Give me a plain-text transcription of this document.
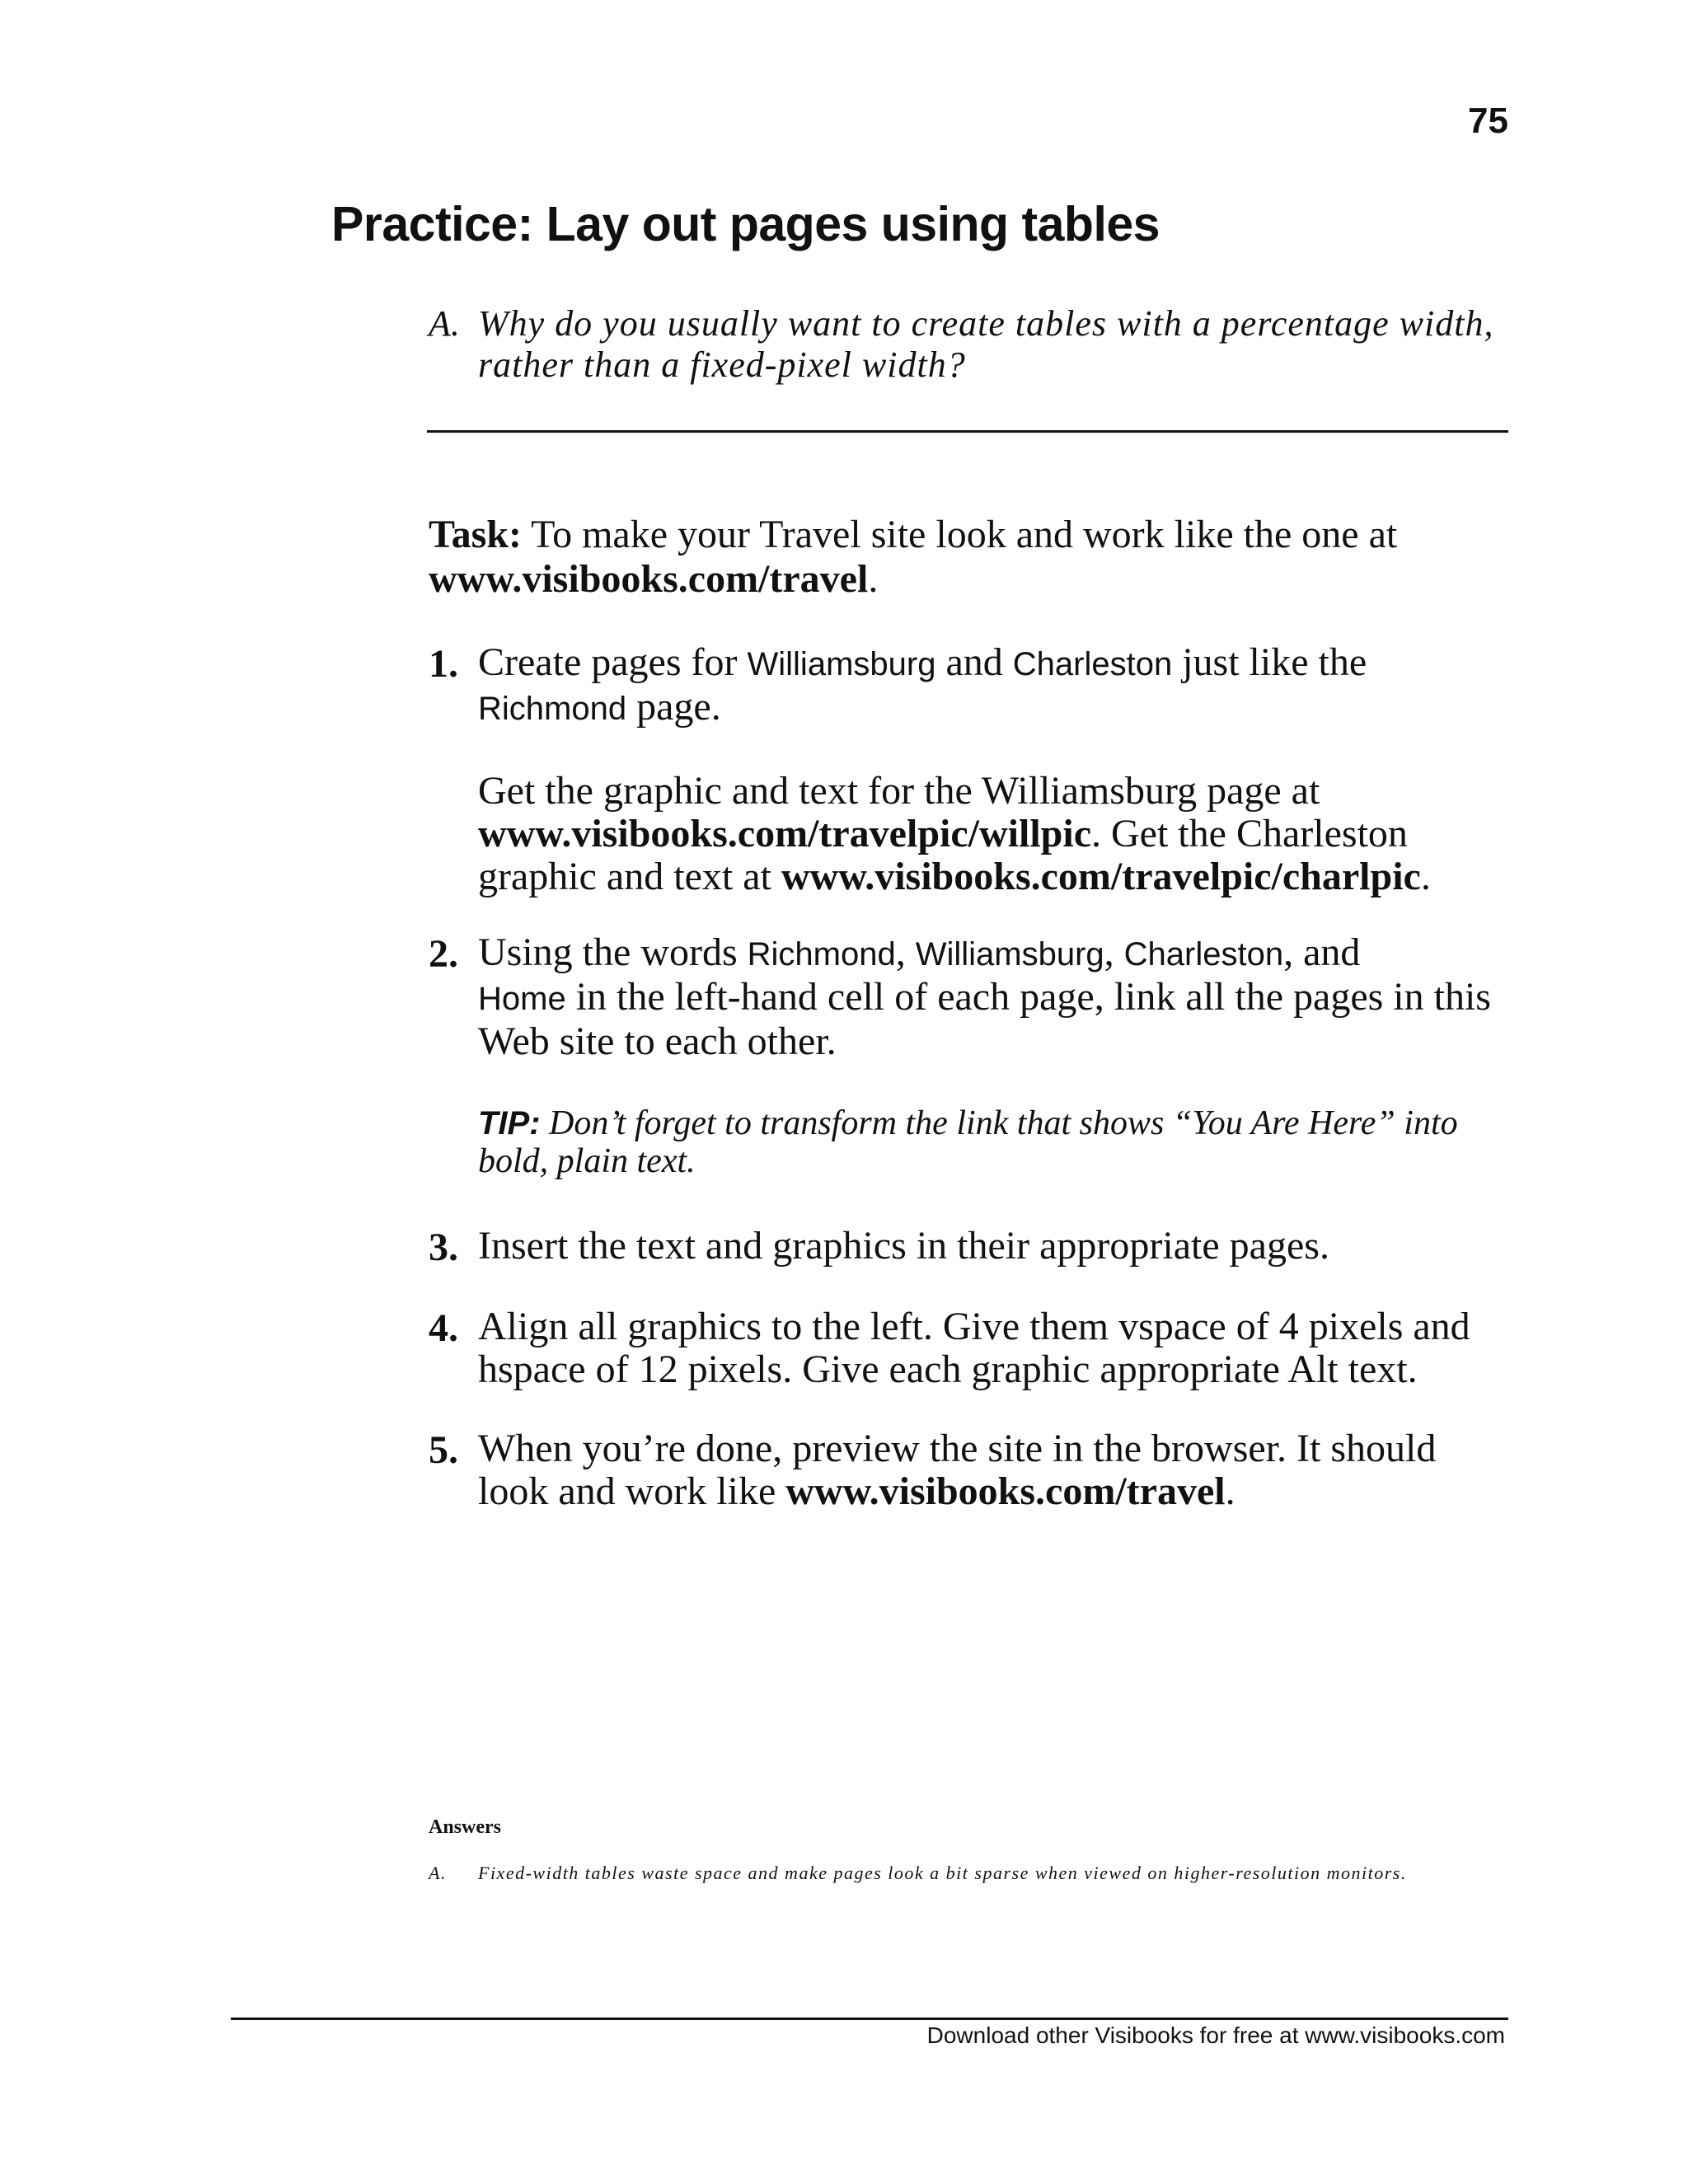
75
Practice: Lay out pages using tables
A. Why do you usually want to create tables with a percentage width, rather than a fixed-pixel width?
Task: To make your Travel site look and work like the one at
www.visibooks.com/travel.
1. Create pages for Williamsburg and Charleston just like the
Richmond page.

Get the graphic and text for the Williamsburg page at
www.visibooks.com/travelpic/willpic. Get the Charleston graphic and text at www.visibooks.com/travelpic/charlpic.

2. Using the words Richmond, Williamsburg, Charleston, and
Home in the left-hand cell of each page, link all the pages in this Web site to each other.

TIP: Don’t forget to transform the link that shows “You Are Here” into bold, plain text.
3. Insert the text and graphics in their appropriate pages.

4. Align all graphics to the left. Give them vspace of 4 pixels and hspace of 12 pixels. Give each graphic appropriate Alt text.

5. When you’re done, preview the site in the browser. It should look and work like www.visibooks.com/travel.

Answers
A. Fixed-width tables waste space and make pages look a bit sparse when viewed on higher-resolution monitors.
Download other Visibooks for free at www.visibooks.com
